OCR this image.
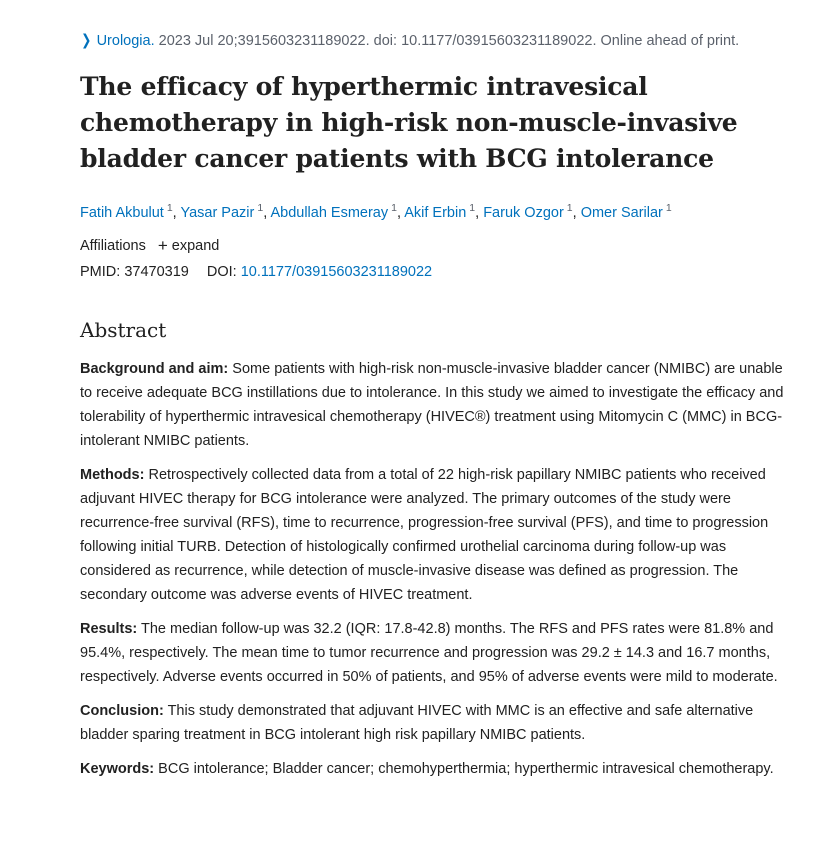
❯ Urologia. 2023 Jul 20;3915603231189022. doi: 10.1177/03915603231189022. Online ahead of print.
The efficacy of hyperthermic intravesical chemotherapy in high-risk non-muscle-invasive bladder cancer patients with BCG intolerance
Fatih Akbulut $^1$, Yasar Pazir $^1$, Abdullah Esmeray $^1$, Akif Erbin $^1$, Faruk Ozgor $^1$, Omer Sarilar $^1$
Affiliations + expand
PMID: 37470319 DOI: 10.1177/03915603231189022
Abstract

Background and aim: Some patients with high-risk non-muscle-invasive bladder cancer (NMIBC) are unable to receive adequate BCG instillations due to intolerance. In this study we aimed to investigate the efficacy and tolerability of hyperthermic intravesical chemotherapy (HIVEC®) treatment using Mitomycin C (MMC) in BCG-intolerant NMIBC patients.

Methods: Retrospectively collected data from a total of 22 high-risk papillary NMIBC patients who received adjuvant HIVEC therapy for BCG intolerance were analyzed. The primary outcomes of the study were recurrence-free survival (RFS), time to recurrence, progression-free survival (PFS), and time to progression following initial TURB. Detection of histologically confirmed urothelial carcinoma during follow-up was considered as recurrence, while detection of muscle-invasive disease was defined as progression. The secondary outcome was adverse events of HIVEC treatment.

Results: The median follow-up was 32.2 (IQR: 17.8-42.8) months. The RFS and PFS rates were 81.8% and 95.4%, respectively. The mean time to tumor recurrence and progression was 29.2 ± 14.3 and 16.7 months, respectively. Adverse events occurred in 50% of patients, and 95% of adverse events were mild to moderate.

Conclusion: This study demonstrated that adjuvant HIVEC with MMC is an effective and safe alternative bladder sparing treatment in BCG intolerant high risk papillary NMIBC patients.

Keywords: BCG intolerance; Bladder cancer; chemohyperthermia; hyperthermic intravesical chemotherapy.
